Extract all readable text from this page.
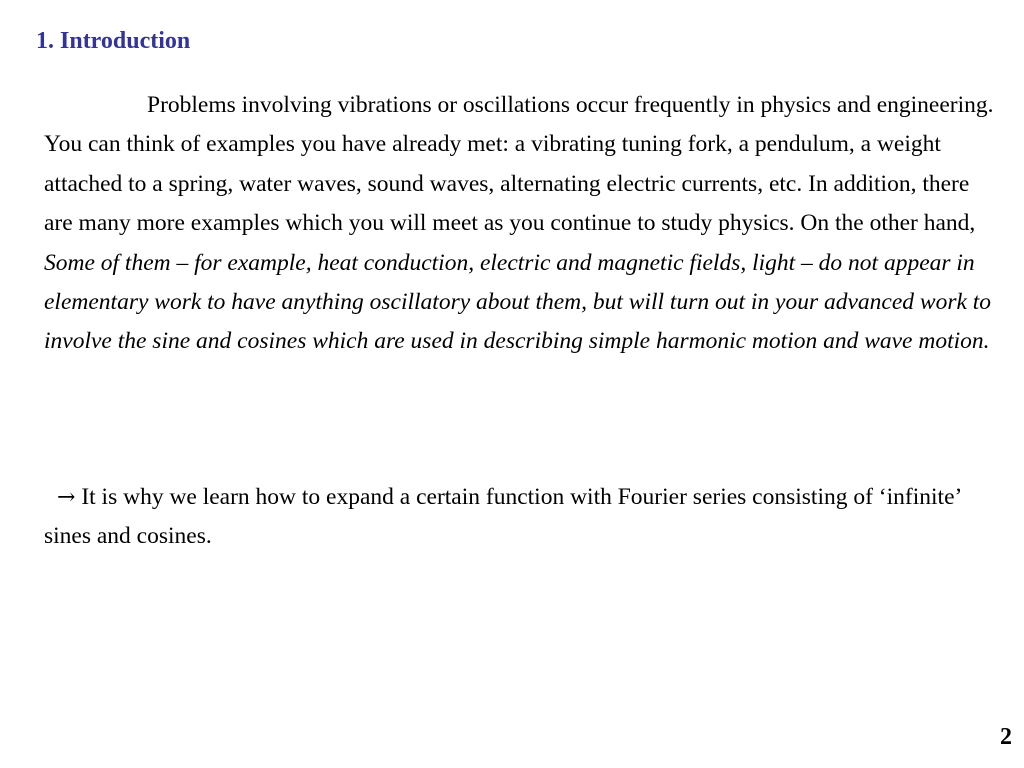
1. Introduction

Problems involving vibrations or oscillations occur frequently in physics and engineering. You can think of examples you have already met: a vibrating tuning fork, a pendulum, a weight attached to a spring, water waves, sound waves, alternating electric currents, etc. In addition, there are many more examples which you will meet as you continue to study physics. On the other hand, Some of them – for example, heat conduction, electric and magnetic fields, light – do not appear in elementary work to have anything oscillatory about them, but will turn out in your advanced work to involve the sine and cosines which are used in describing simple harmonic motion and wave motion.

→ It is why we learn how to expand a certain function with Fourier series consisting of ‘infinite’ sines and cosines.

2
